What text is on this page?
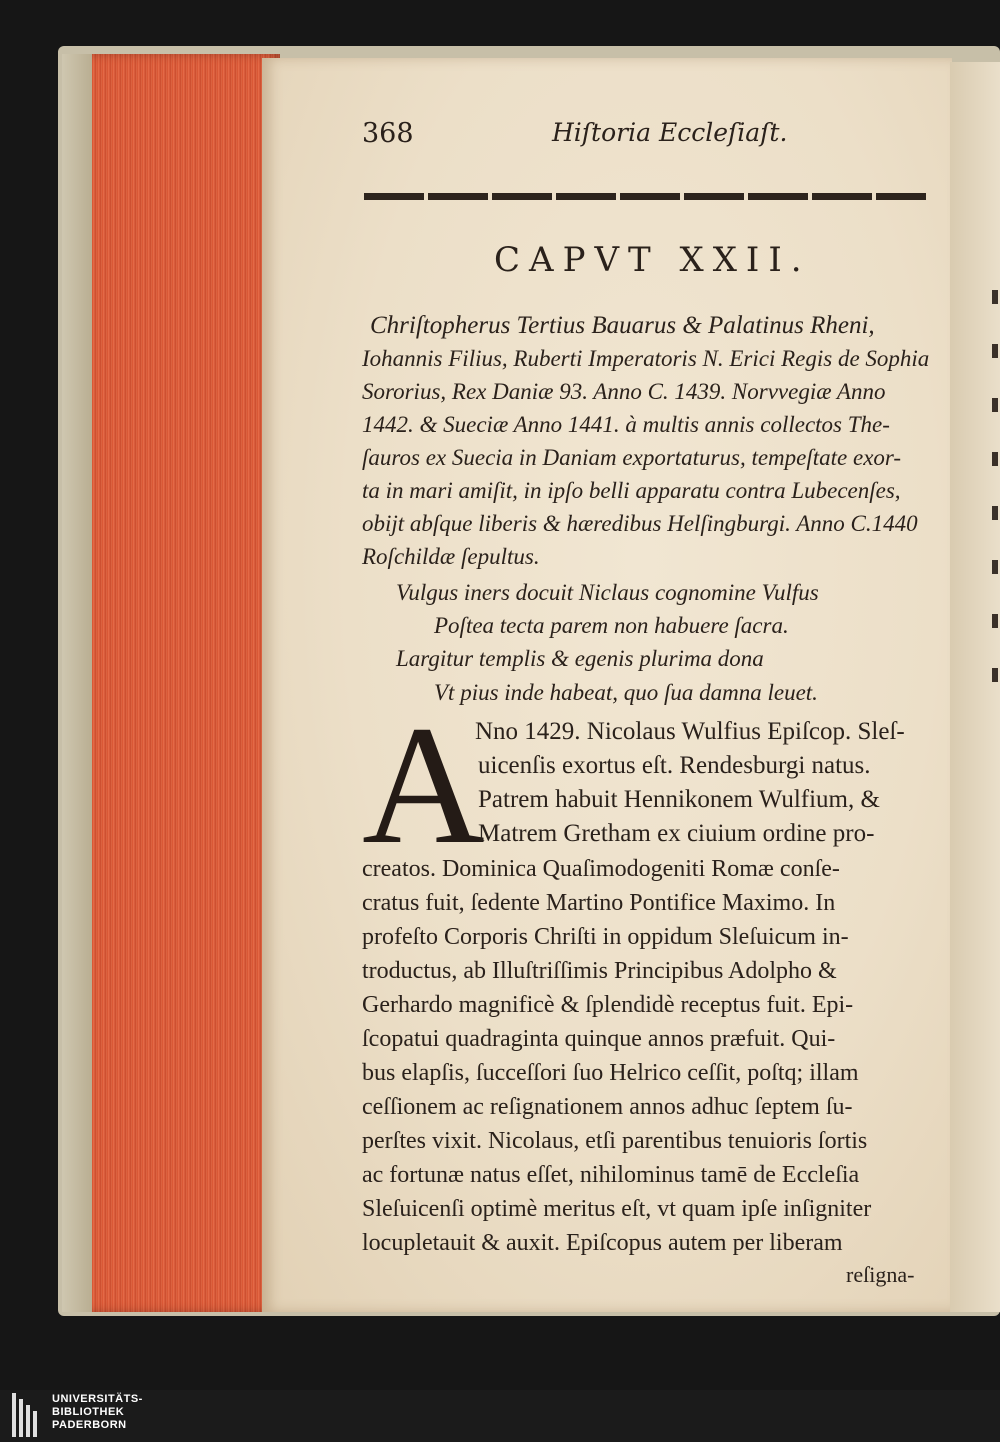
368	Hiſtoria Eccleſiaſt.
CAPVT XXII.
Chriſtopherus Tertius Bauarus & Palatinus Rheni,
Iohannis Filius, Ruberti Imperatoris N. Erici Regis de Sophia
Sororius, Rex Daniæ 93. Anno C. 1439. Norvvegiæ Anno
1442. & Sueciæ Anno 1441. à multis annis collectos The-
ſauros ex Suecia in Daniam exportaturus, tempeſtate exor-
ta in mari amiſit, in ipſo belli apparatu contra Lubecenſes,
obijt abſque liberis & hæredibus Helſingburgi. Anno C.1440
Roſchildæ ſepultus.
Vulgus iners docuit Niclaus cognomine Vulfus
Poſtea tecta parem non habuere ſacra.
Largitur templis & egenis plurima dona
Vt pius inde habeat, quo ſua damna leuet.
A
Nno 1429. Nicolaus Wulfius Epiſcop. Sleſ-
uicenſis exortus eſt. Rendesburgi natus.
Patrem habuit Hennikonem Wulfium, &
Matrem Gretham ex ciuium ordine pro-
creatos. Dominica Quaſimodogeniti Romæ conſe-
cratus fuit, ſedente Martino Pontifice Maximo. In
profeſto Corporis Chriſti in oppidum Sleſuicum in-
troductus, ab Illuſtriſſimis Principibus Adolpho &
Gerhardo magnificè & ſplendidè receptus fuit. Epi-
ſcopatui quadraginta quinque annos præfuit. Qui-
bus elapſis, ſucceſſori ſuo Helrico ceſſit, poſtq; illam
ceſſionem ac reſignationem annos adhuc ſeptem ſu-
perſtes vixit. Nicolaus, etſi parentibus tenuioris ſortis
ac fortunæ natus eſſet, nihilominus tamē de Eccleſia
Sleſuicenſi optimè meritus eſt, vt quam ipſe inſigniter
locupletauit & auxit. Epiſcopus autem per liberam
reſigna-
UNIVERSITÄTS-
BIBLIOTHEK
PADERBORN
